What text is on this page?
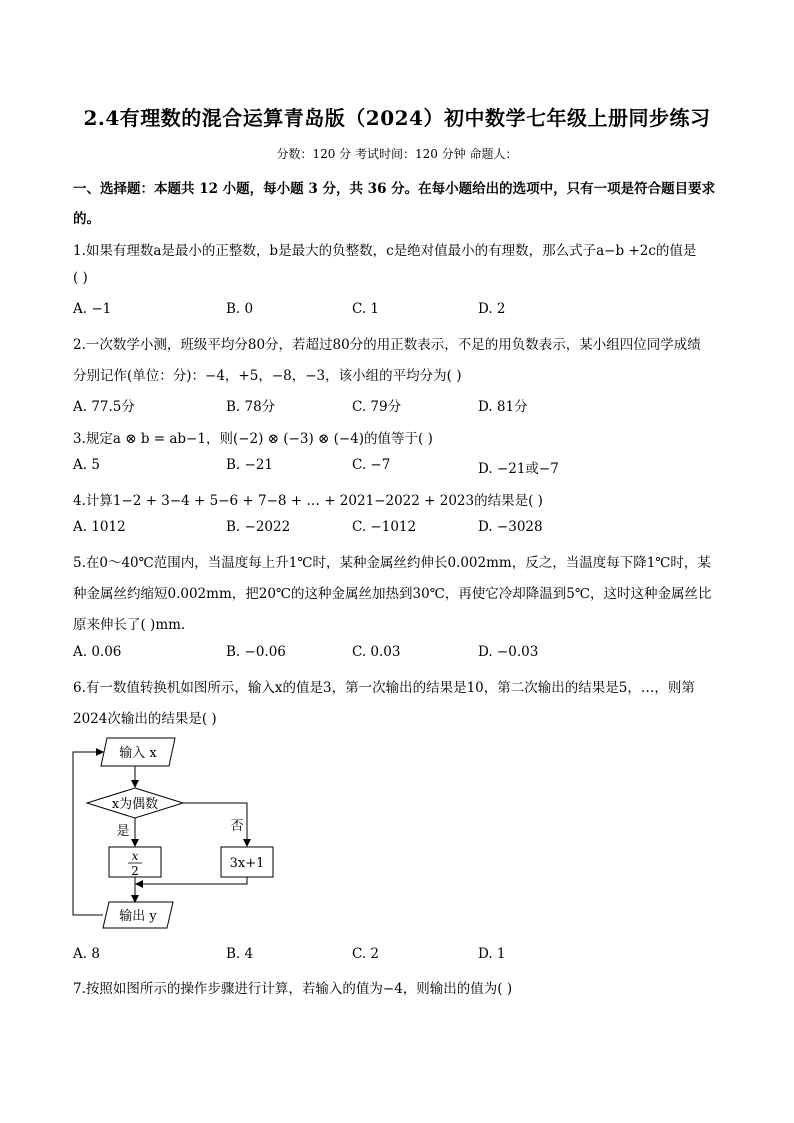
2.4有理数的混合运算青岛版（2024）初中数学七年级上册同步练习
分数：120 分 考试时间：120 分钟 命题人：
一、选择题：本题共 12 小题，每小题 3 分，共 36 分。在每小题给出的选项中，只有一项是符合题目要求
的。
1.如果有理数a是最小的正整数，b是最大的负整数，c是绝对值最小的有理数，那么式子a−b +2c的值是
( )
A. −1	B. 0	C. 1	D. 2
2.一次数学小测，班级平均分80分，若超过80分的用正数表示，不足的用负数表示，某小组四位同学成绩
分别记作(单位：分)：−4，+5，−8，−3，该小组的平均分为( )
A. 77.5分	B. 78分	C. 79分	D. 81分
3.规定a ⊗ b = ab−1，则(−2) ⊗ (−3) ⊗ (−4)的值等于( )
A. 5	B. −21	C. −7	D. −21或−7
4.计算1−2 + 3−4 + 5−6 + 7−8 + … + 2021−2022 + 2023的结果是( )
A. 1012	B. −2022	C. −1012	D. −3028
5.在0～40℃范围内，当温度每上升1℃时，某种金属丝约伸长0.002mm，反之，当温度每下降1℃时，某
种金属丝约缩短0.002mm，把20℃的这种金属丝加热到30℃，再使它冷却降温到5℃，这时这种金属丝比
原来伸长了( )mm.
A. 0.06	B. −0.06	C. 0.03	D. −0.03
6.有一数值转换机如图所示，输入x的值是3，第一次输出的结果是10，第二次输出的结果是5，…，则第
2024次输出的结果是( )
输入 x
x为偶数
是	否
x
2	3x+1
输出 y
A. 8	B. 4	C. 2	D. 1
7.按照如图所示的操作步骤进行计算，若输入的值为−4，则输出的值为( )
